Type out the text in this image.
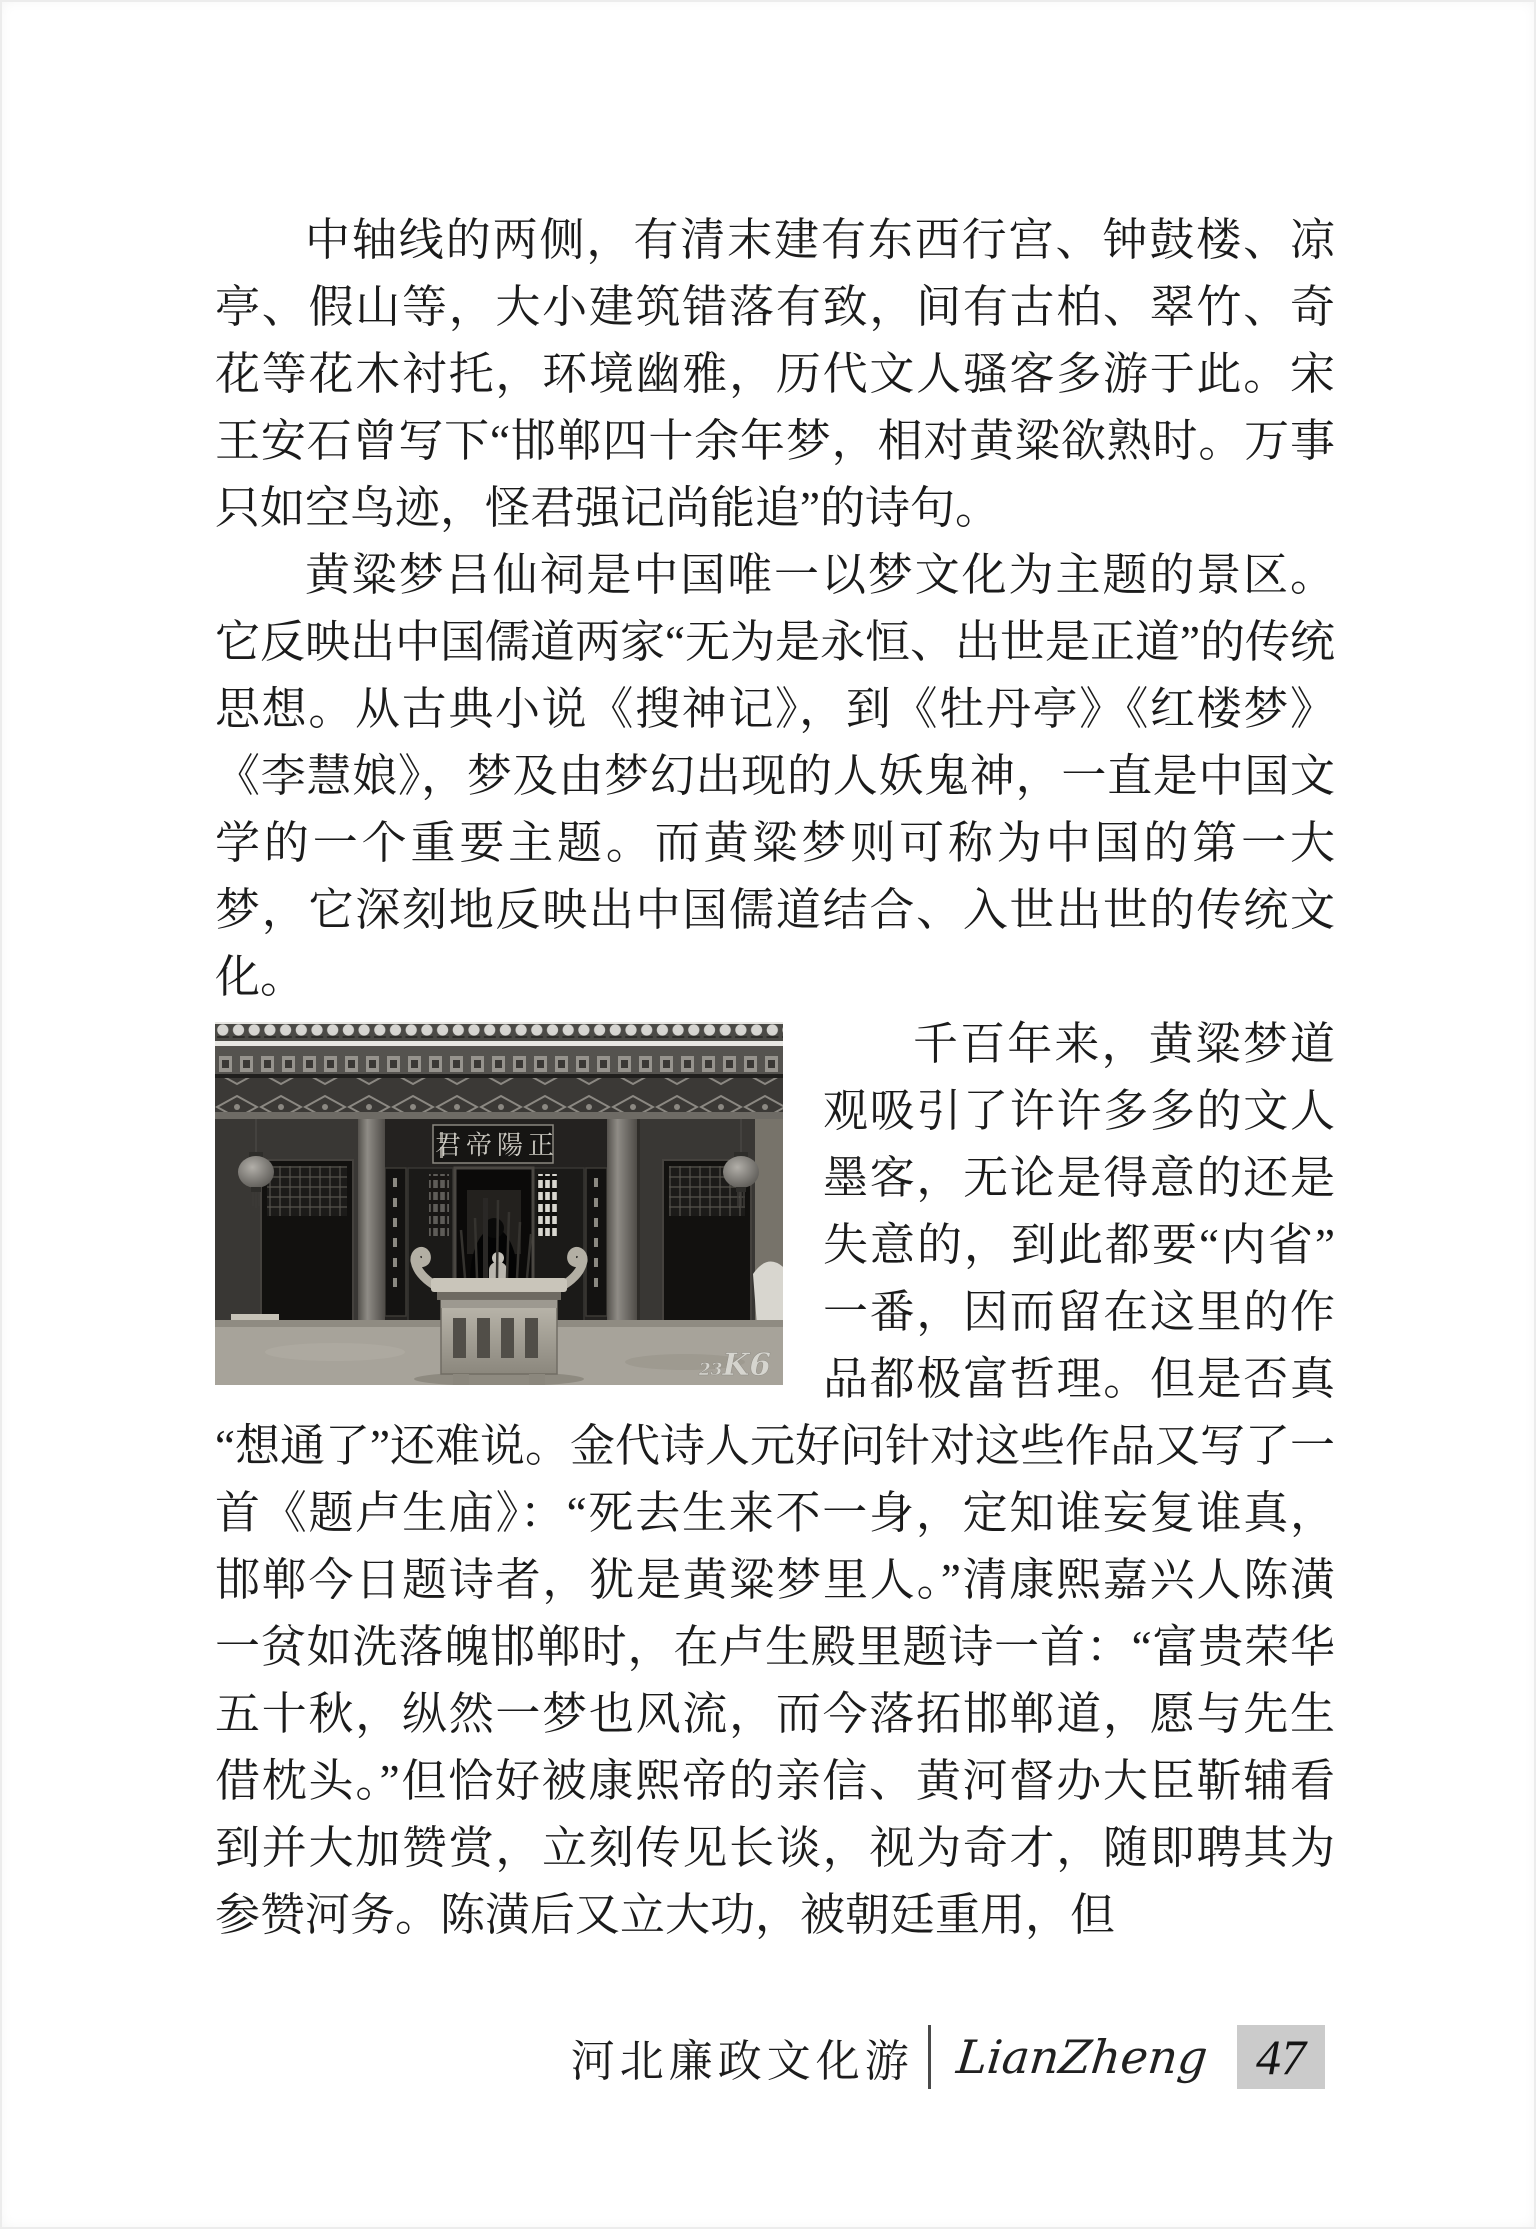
中轴线的两侧，有清末建有东西行宫、钟鼓楼、凉亭、假山等，大小建筑错落有致，间有古柏、翠竹、奇花等花木衬托，环境幽雅，历代文人骚客多游于此。宋王安石曾写下“邯郸四十余年梦，相对黄粱欲熟时。万事只如空鸟迹，怪君强记尚能追”的诗句。

黄粱梦吕仙祠是中国唯一以梦文化为主题的景区。它反映出中国儒道两家“无为是永恒、出世是正道”的传统思想。从古典小说《搜神记》，到《牡丹亭》《红楼梦》《李慧娘》，梦及由梦幻出现的人妖鬼神，一直是中国文学的一个重要主题。而黄粱梦则可称为中国的第一大梦，它深刻地反映出中国儒道结合、入世出世的传统文化。

君帝陽正
23K6
千百年来，黄粱梦道观吸引了许许多多的文人墨客，无论是得意的还是失意的，到此都要“内省”一番，因而留在这里的作品都极富哲理。但是否真“想通了”还难说。金代诗人元好问针对这些作品又写了一首《题卢生庙》：“死去生来不一身，定知谁妄复谁真，邯郸今日题诗者，犹是黄粱梦里人。”清康熙嘉兴人陈潢一贫如洗落魄邯郸时，在卢生殿里题诗一首：“富贵荣华五十秋，纵然一梦也风流，而今落拓邯郸道，愿与先生借枕头。”但恰好被康熙帝的亲信、黄河督办大臣靳辅看到并大加赞赏，立刻传见长谈，视为奇才，随即聘其为参赞河务。陈潢后又立大功，被朝廷重用，但

河北廉政文化游 LianZheng 47
